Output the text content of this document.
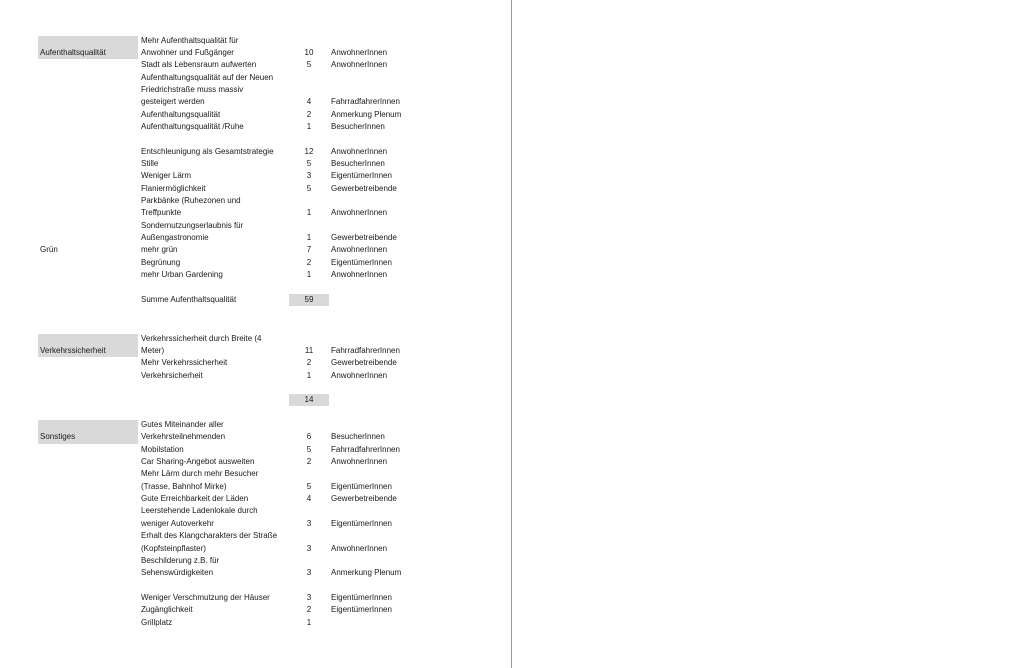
Mehr Aufenthaltsqualität für
Aufenthaltsqualität	Anwohner und Fußgänger	10	AnwohnerInnen
Stadt als Lebensraum aufwerten	5	AnwohnerInnen
Aufenthaltungsqualität auf der Neuen
Friedrichstraße muss massiv
gesteigert werden	4	FahrradfahrerInnen
Aufenthaltungsqualität	2	Anmerkung Plenum
Aufenthaltungsqualität /Ruhe	1	BesucherInnen
Entschleunigung als Gesamtstrategie	12	AnwohnerInnen
Stille	5	BesucherInnen
Weniger Lärm	3	EigentümerInnen
Flaniermöglichkeit	5	Gewerbetreibende
Parkbänke (Ruhezonen und
Treffpunkte	1	AnwohnerInnen
Sondernutzungserlaubnis für
Außengastronomie	1	Gewerbetreibende
Grün	mehr grün	7	AnwohnerInnen
Begrünung	2	EigentümerInnen
mehr Urban Gardening	1	AnwohnerInnen
Summe Aufenthaltsqualität	59
Verkehrssicherheit durch Breite (4
Verkehrssicherheit	Meter)	11	FahrradfahrerInnen
Mehr Verkehrssicherheit	2	Gewerbetreibende
Verkehrsicherheit	1	AnwohnerInnen
14
Gutes Miteinander aller
Sonstiges	Verkehrsteilnehmenden	6	BesucherInnen
Mobilstation	5	FahrradfahrerInnen
Car Sharing-Angebot ausweiten	2	AnwohnerInnen
Mehr Lärm durch mehr Besucher
(Trasse, Bahnhof Mirke)	5	EigentümerInnen
Gute Erreichbarkeit der Läden	4	Gewerbetreibende
Leerstehende Ladenlokale durch
weniger Autoverkehr	3	EigentümerInnen
Erhalt des Klangcharakters der Straße
(Kopfsteinpflaster)	3	AnwohnerInnen
Beschilderung z.B. für
Sehenswürdigkeiten	3	Anmerkung Plenum
Weniger Verschmutzung der Häuser	3	EigentümerInnen
Zugänglichkeit	2	EigentümerInnen
Grillplatz	1
